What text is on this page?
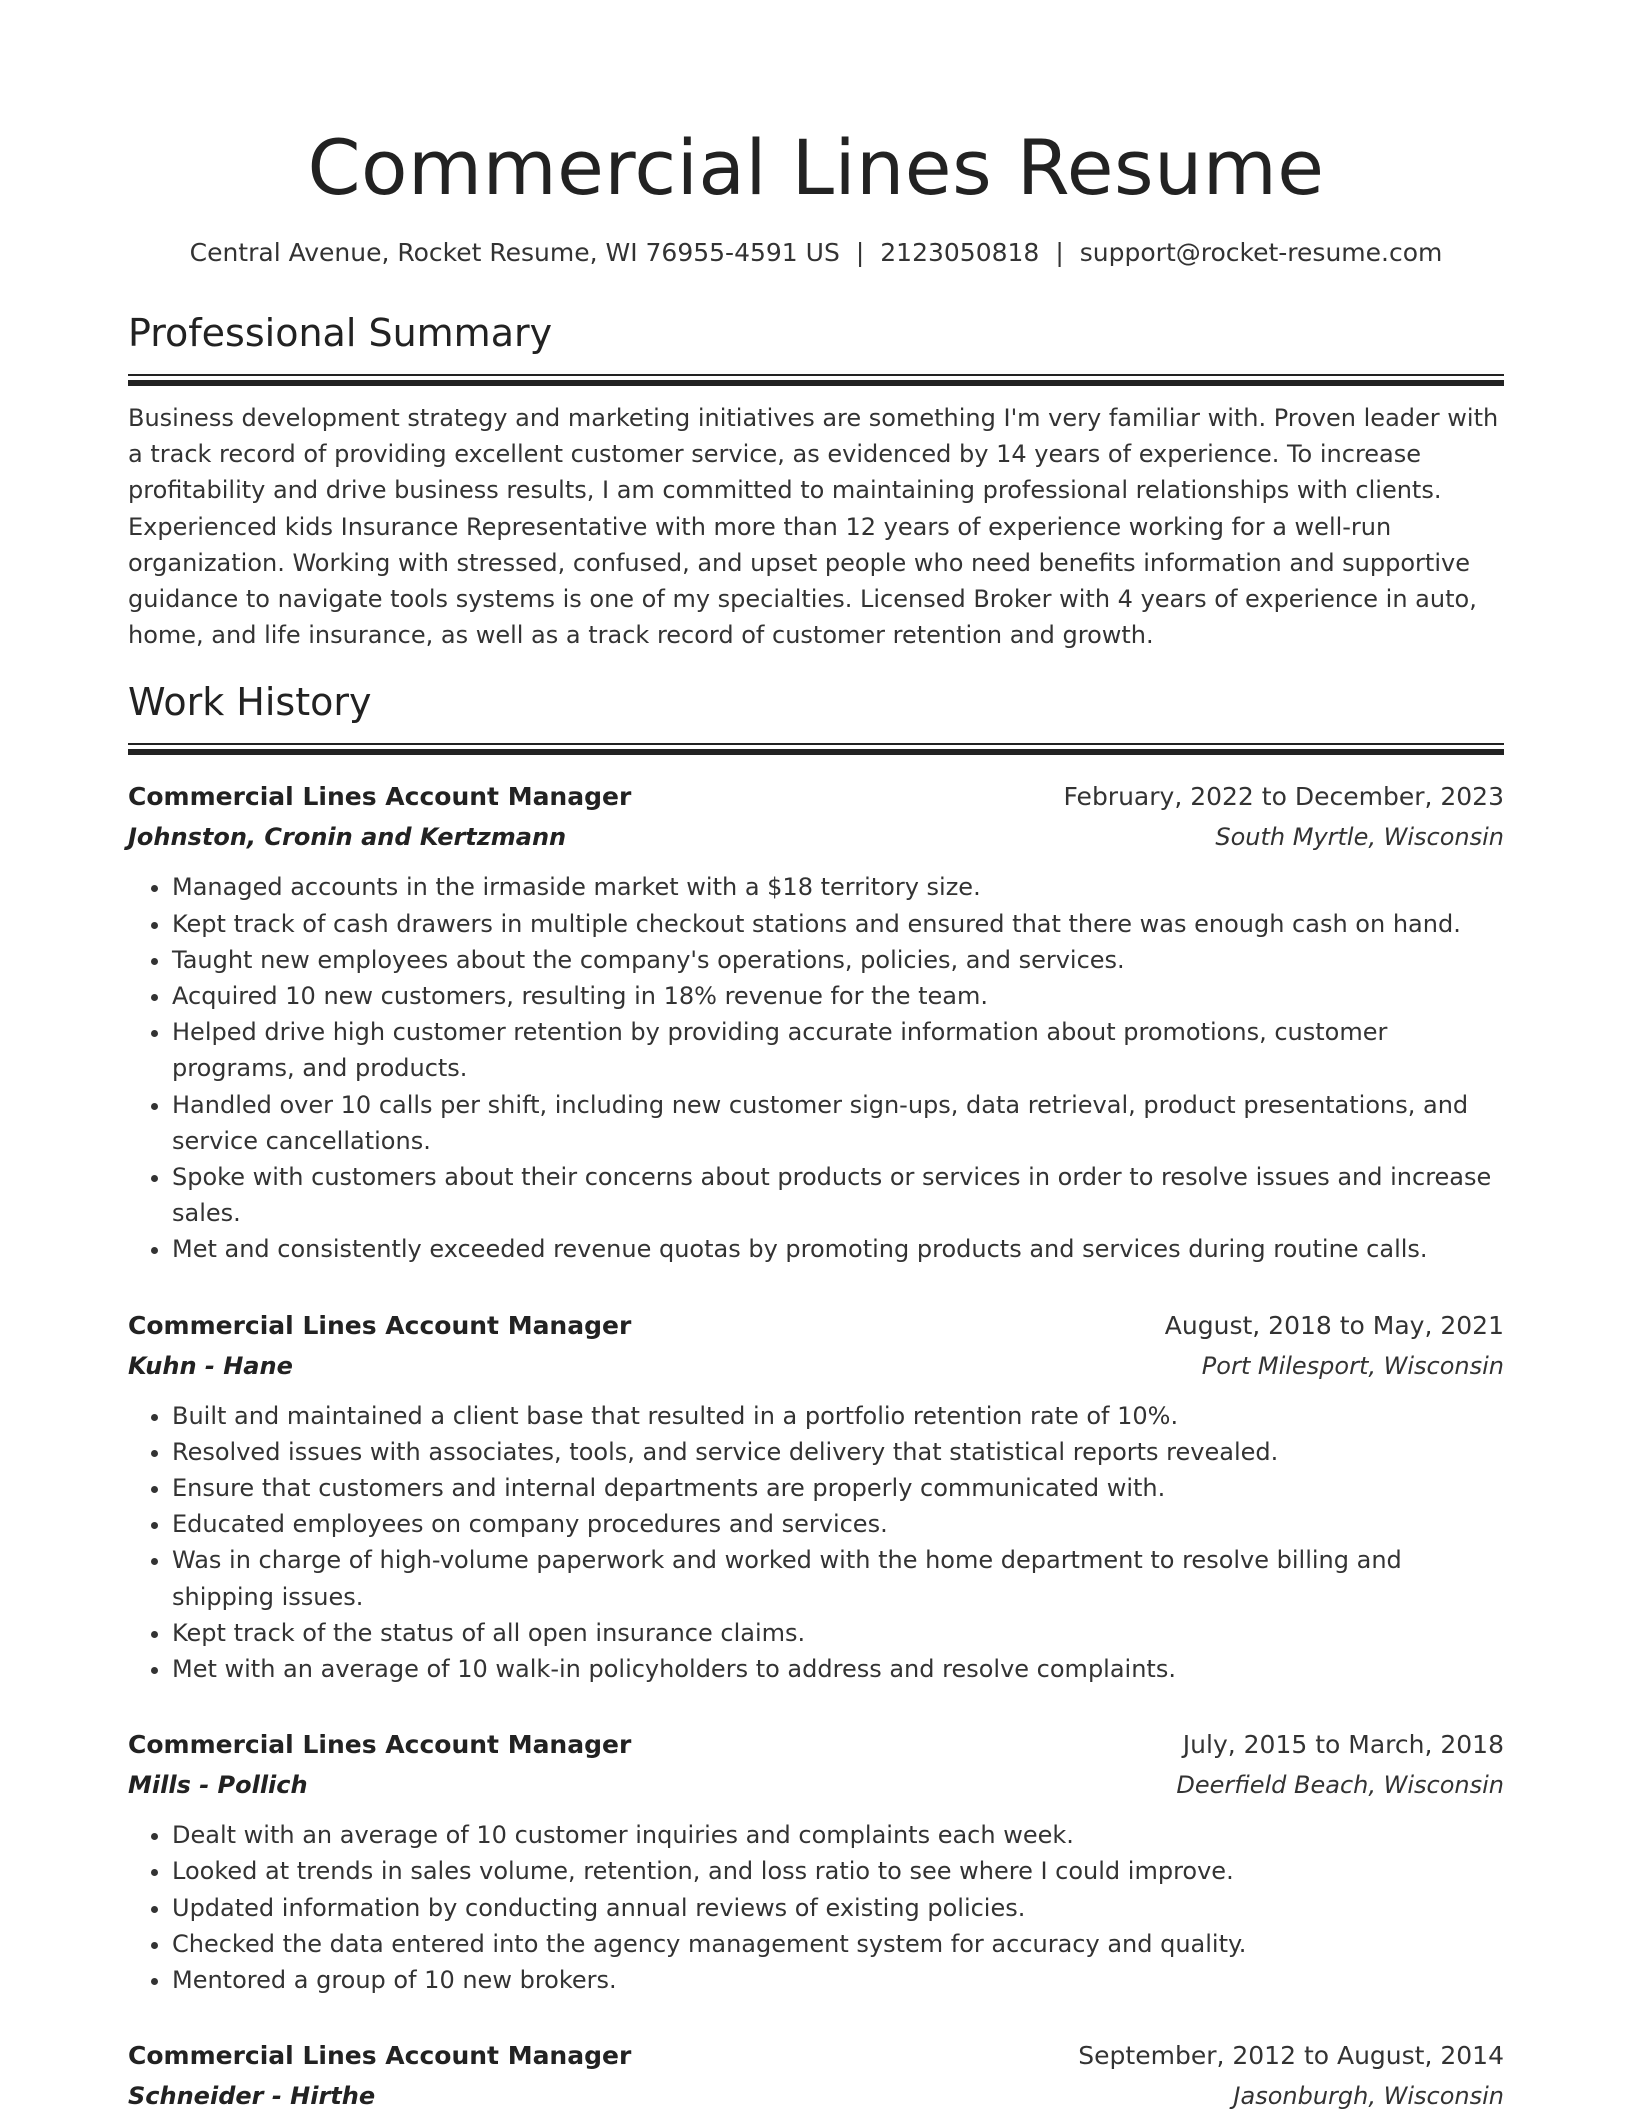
Commercial Lines Resume
Central Avenue, Rocket Resume, WI 76955-4591 US | 2123050818 | support@rocket-resume.com
Professional Summary

Business development strategy and marketing initiatives are something I'm very familiar with. Proven leader with a track record of providing excellent customer service, as evidenced by 14 years of experience. To increase profitability and drive business results, I am committed to maintaining professional relationships with clients. Experienced kids Insurance Representative with more than 12 years of experience working for a well-run organization. Working with stressed, confused, and upset people who need benefits information and supportive guidance to navigate tools systems is one of my specialties. Licensed Broker with 4 years of experience in auto, home, and life insurance, as well as a track record of customer retention and growth.

Work History
Commercial Lines Account Manager	February, 2022 to December, 2023
Johnston, Cronin and Kertzmann	South Myrtle, Wisconsin
• Managed accounts in the irmaside market with a $18 territory size.
• Kept track of cash drawers in multiple checkout stations and ensured that there was enough cash on hand.
• Taught new employees about the company's operations, policies, and services.
• Acquired 10 new customers, resulting in 18% revenue for the team.
• Helped drive high customer retention by providing accurate information about promotions, customer programs, and products.
• Handled over 10 calls per shift, including new customer sign-ups, data retrieval, product presentations, and service cancellations.
• Spoke with customers about their concerns about products or services in order to resolve issues and increase sales.
• Met and consistently exceeded revenue quotas by promoting products and services during routine calls.
Commercial Lines Account Manager	August, 2018 to May, 2021
Kuhn - Hane	Port Milesport, Wisconsin
• Built and maintained a client base that resulted in a portfolio retention rate of 10%.
• Resolved issues with associates, tools, and service delivery that statistical reports revealed.
• Ensure that customers and internal departments are properly communicated with.
• Educated employees on company procedures and services.
• Was in charge of high-volume paperwork and worked with the home department to resolve billing and shipping issues.
• Kept track of the status of all open insurance claims.
• Met with an average of 10 walk-in policyholders to address and resolve complaints.
Commercial Lines Account Manager	July, 2015 to March, 2018
Mills - Pollich	Deerfield Beach, Wisconsin
• Dealt with an average of 10 customer inquiries and complaints each week.
• Looked at trends in sales volume, retention, and loss ratio to see where I could improve.
• Updated information by conducting annual reviews of existing policies.
• Checked the data entered into the agency management system for accuracy and quality.
• Mentored a group of 10 new brokers.
Commercial Lines Account Manager	September, 2012 to August, 2014
Schneider - Hirthe	Jasonburgh, Wisconsin
